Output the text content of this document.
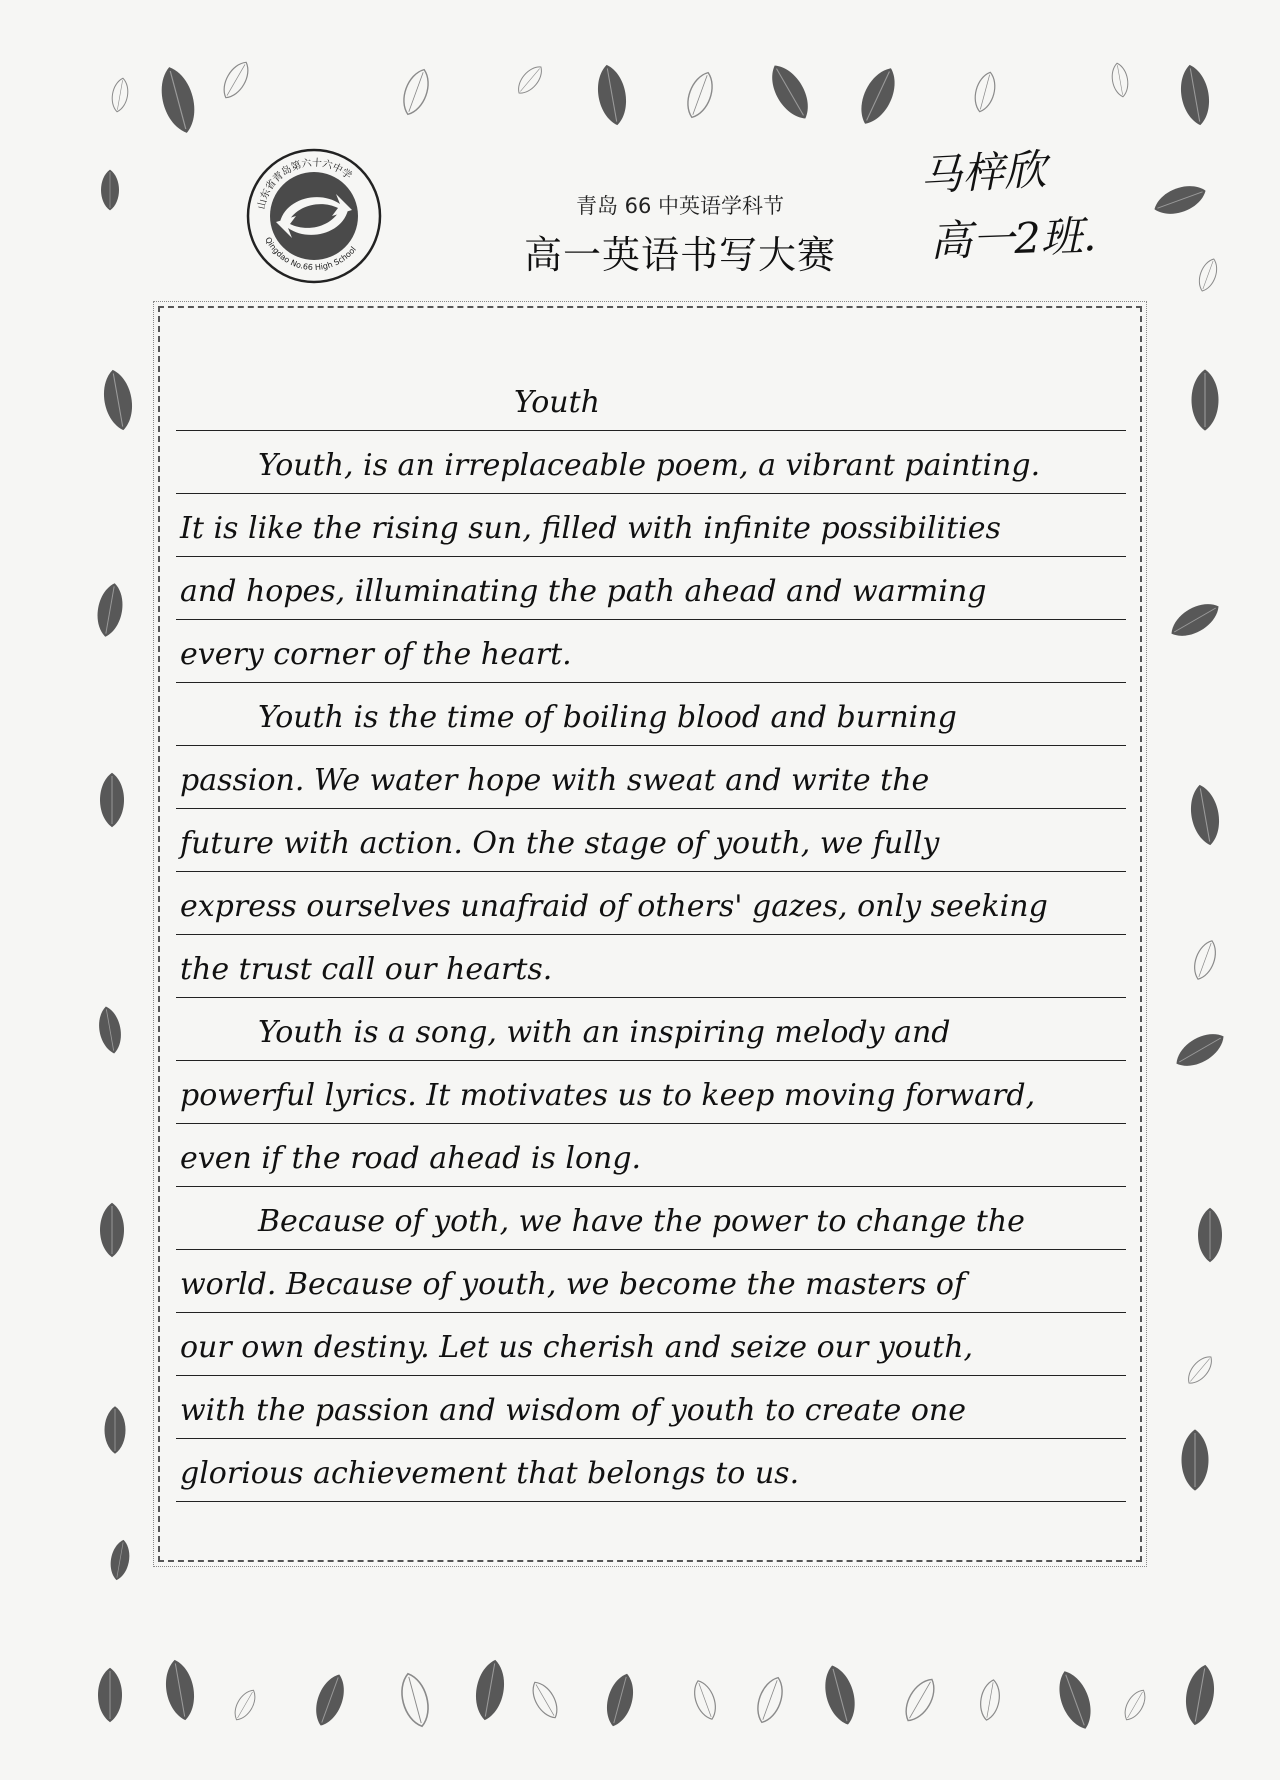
山东省青岛第六十六中学
Qingdao No.66 High School
青岛 66 中英语学科节
高一英语书写大赛
马梓欣
高一2班.
Youth
Youth, is an irreplaceable poem, a vibrant painting.
It is like the rising sun, filled with infinite possibilities
and hopes, illuminating the path ahead and warming
every corner of the heart.
Youth is the time of boiling blood and burning
passion. We water hope with sweat and write the
future with action. On the stage of youth, we fully
express ourselves unafraid of others' gazes, only seeking
the trust call our hearts.
Youth is a song, with an inspiring melody and
powerful lyrics. It motivates us to keep moving forward,
even if the road ahead is long.
Because of yoth, we have the power to change the
world. Because of youth, we become the masters of
our own destiny. Let us cherish and seize our youth,
with the passion and wisdom of youth to create one
glorious achievement that belongs to us.
